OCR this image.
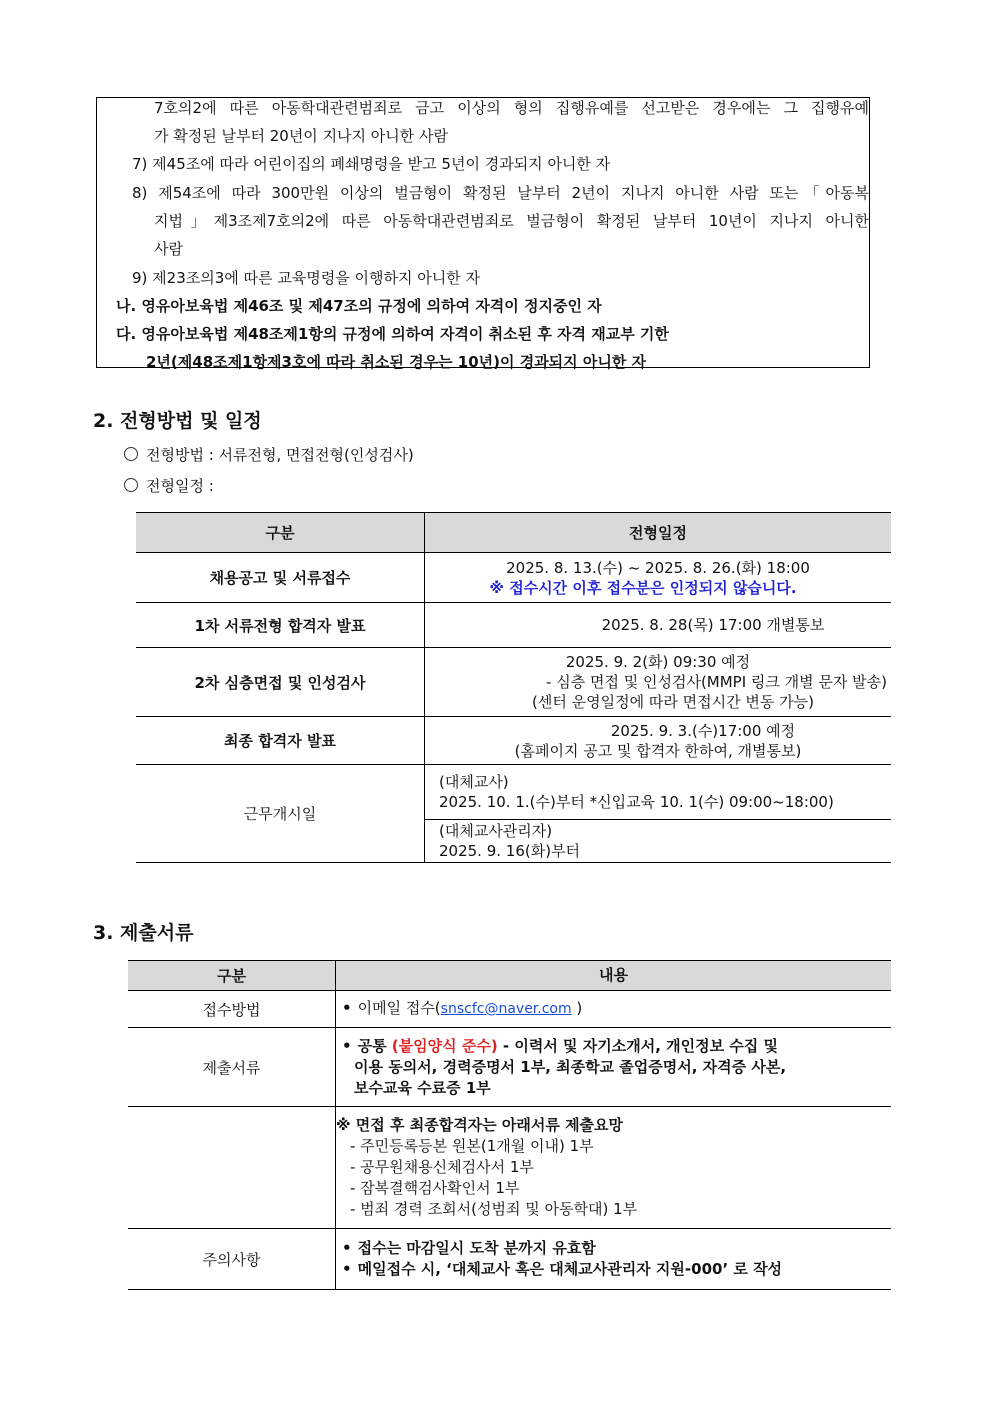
7호의2에 따른 아동학대관련범죄로 금고 이상의 형의 집행유예를 선고받은 경우에는 그 집행유예
가 확정된 날부터 20년이 지나지 아니한 사람
7) 제45조에 따라 어린이집의 폐쇄명령을 받고 5년이 경과되지 아니한 자
8) 제54조에 따라 300만원 이상의 벌금형이 확정된 날부터 2년이 지나지 아니한 사람 또는「아동복
지법」제3조제7호의2에 따른 아동학대관련범죄로 벌금형이 확정된 날부터 10년이 지나지 아니한
사람
9) 제23조의3에 따른 교육명령을 이행하지 아니한 자
나. 영유아보육법 제46조 및 제47조의 규정에 의하여 자격이 정지중인 자
다. 영유아보육법 제48조제1항의 규정에 의하여 자격이 취소된 후 자격 재교부 기한
2년(제48조제1항제3호에 따라 취소된 경우는 10년)이 경과되지 아니한 자
2. 전형방법 및 일정
전형방법 : 서류전형, 면접전형(인성검사)
전형일정 :
구분	전형일정
채용공고 및 서류접수	2025. 8. 13.(수) ~ 2025. 8. 26.(화) 18:00
※ 접수시간 이후 접수분은 인정되지 않습니다.

1차 서류전형 합격자 발표	2025. 8. 28(목) 17:00 개별통보
2차 심층면접 및 인성검사	2025. 9. 2(화) 09:30 예정
- 심층 면접 및 인성검사(MMPI 링크 개별 문자 발송)
(센터 운영일정에 따라 면접시간 변동 가능)

최종 합격자 발표	2025. 9. 3.(수)17:00 예정
(홈페이지 공고 및 합격자 한하여, 개별통보)

근무개시일	(대체교사)
2025. 10. 1.(수)부터 *신입교육 10. 1(수) 09:00~18:00)

	(대체교사관리자)
2025. 9. 16(화)부터
3. 제출서류
구분	내용
접수방법	• 이메일 접수(snscfc@naver.com )
제출서류	• 공통 (붙임양식 준수) - 이력서 및 자기소개서, 개인정보 수집 및
이용 동의서, 경력증명서 1부, 최종학교 졸업증명서, 자격증 사본,
보수교육 수료증 1부

	※ 면접 후 최종합격자는 아래서류 제출요망
- 주민등록등본 원본(1개월 이내) 1부
- 공무원채용신체검사서 1부
- 잠복결핵검사확인서 1부
- 범죄 경력 조회서(성범죄 및 아동학대) 1부

주의사항	• 접수는 마감일시 도착 분까지 유효함
• 메일접수 시, ‘대체교사 혹은 대체교사관리자 지원-000’ 로 작성
